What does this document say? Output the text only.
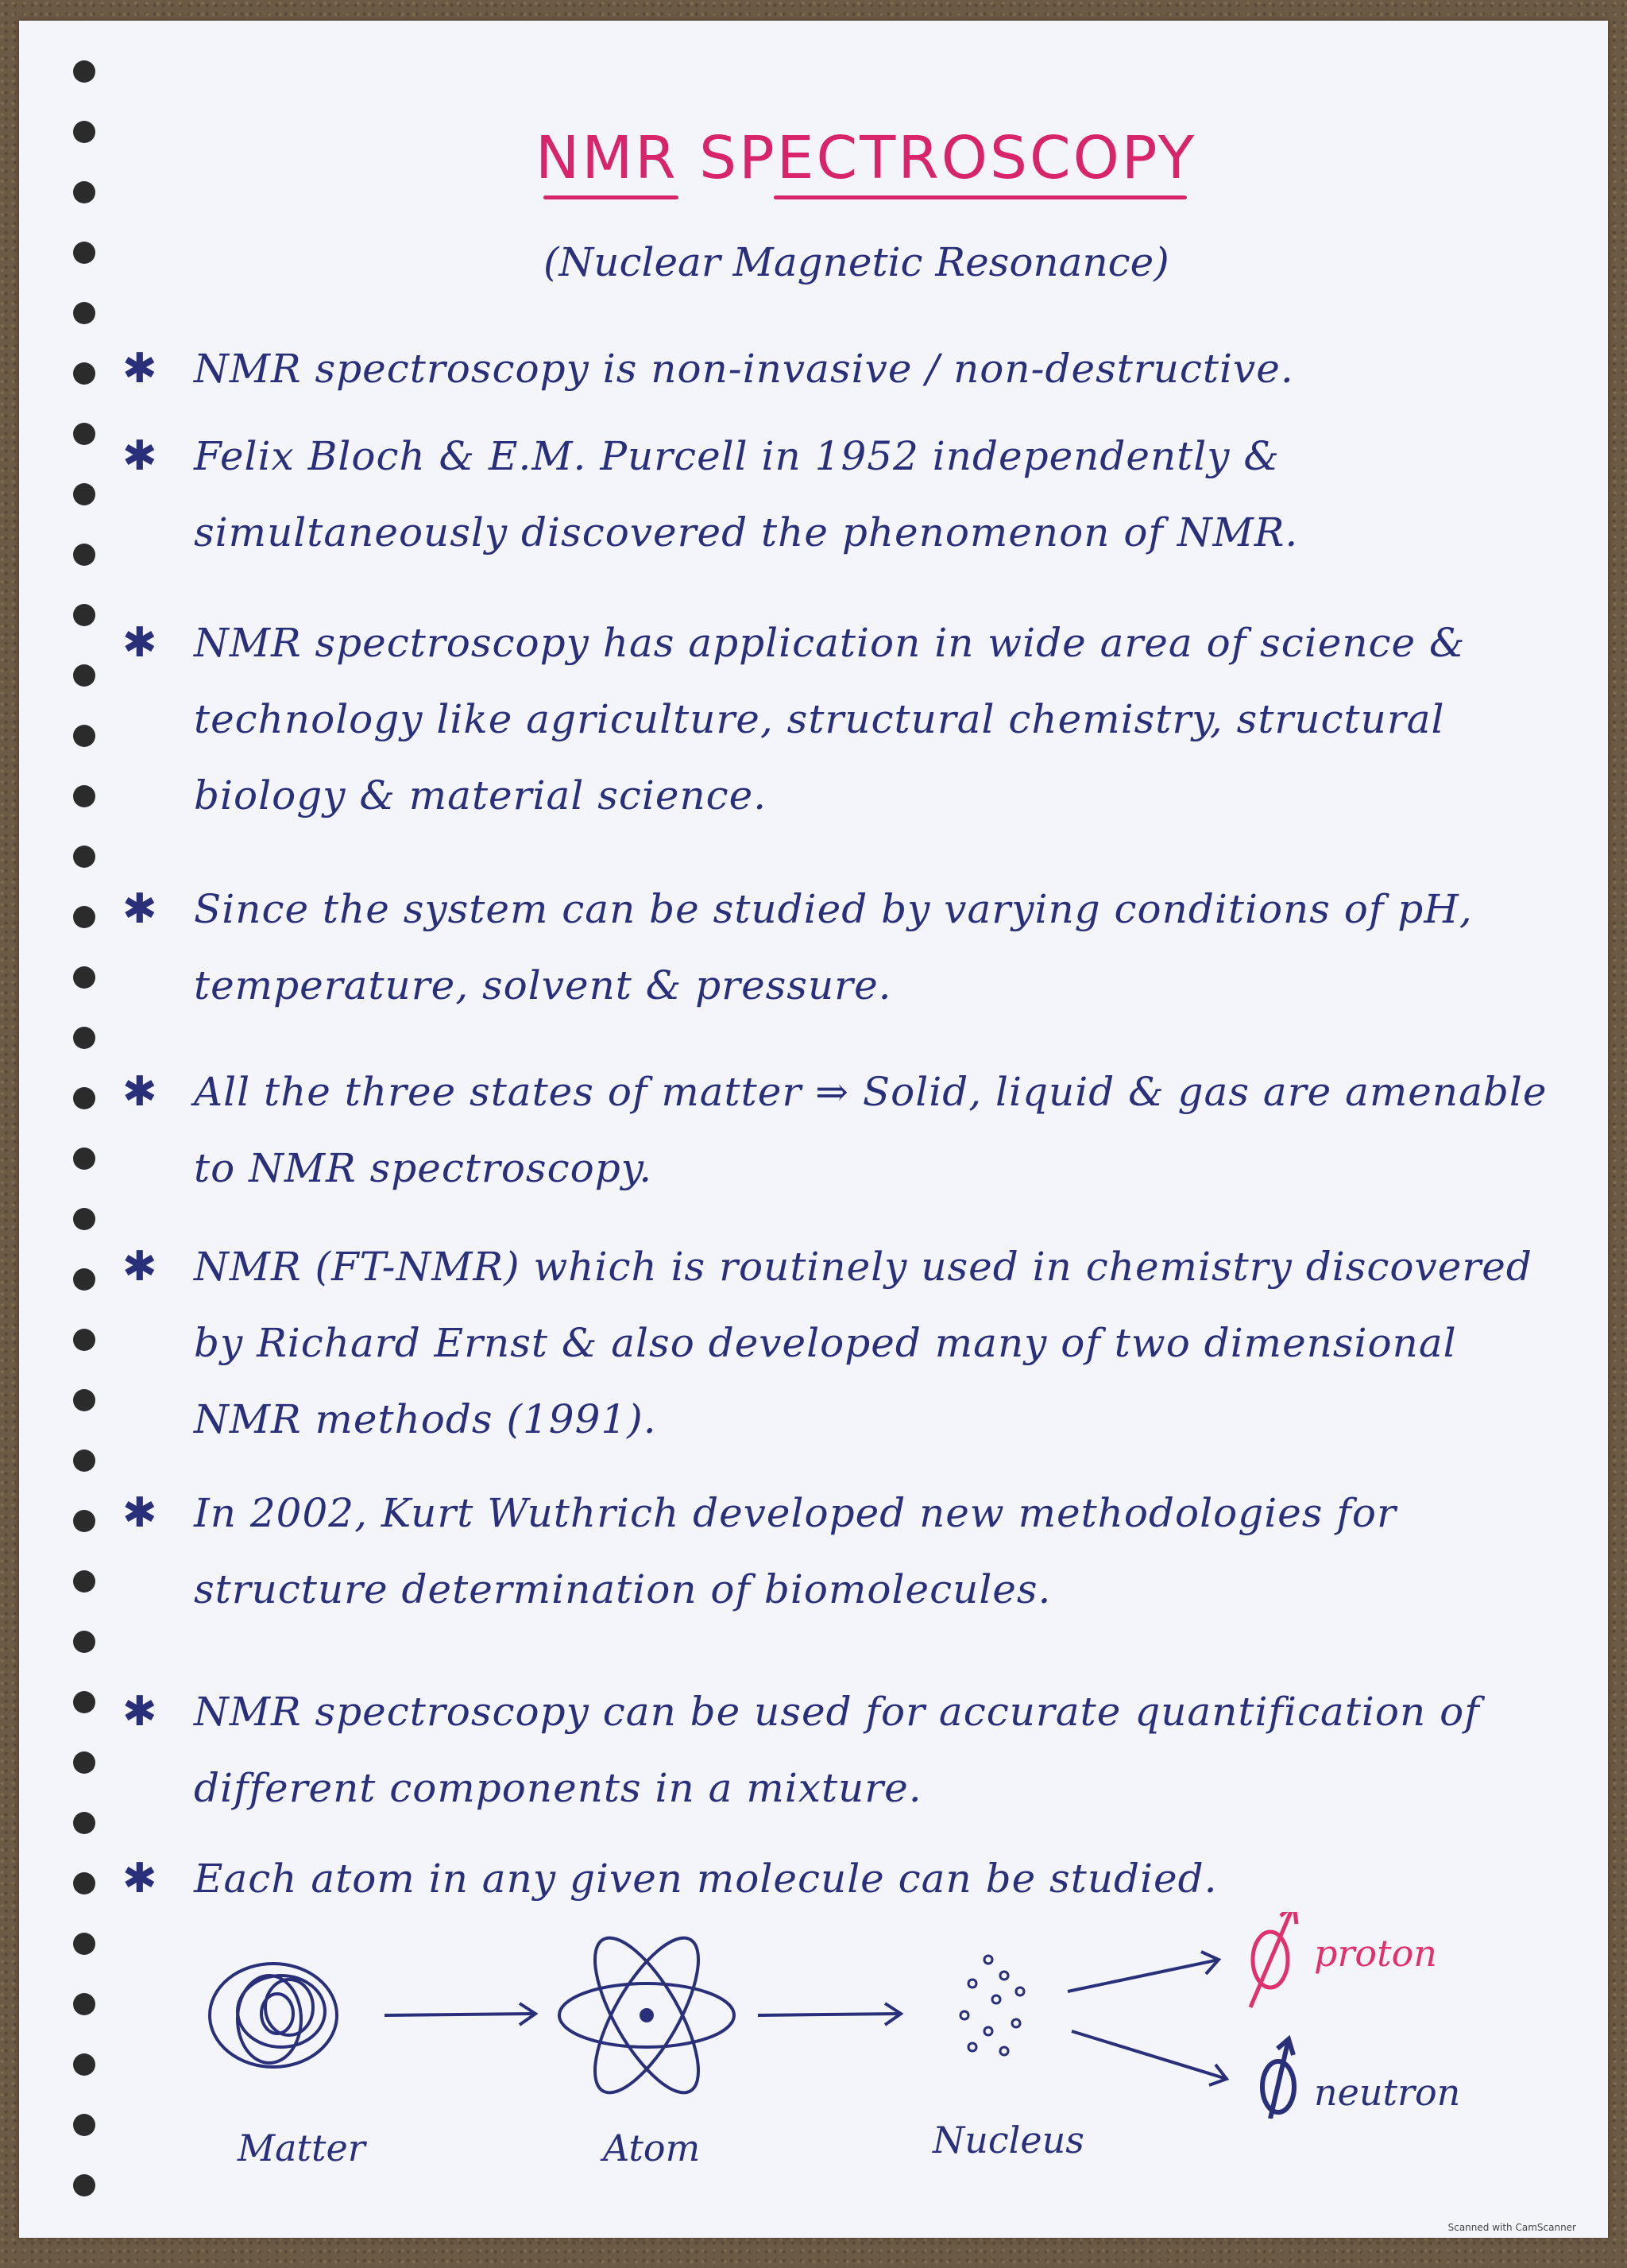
NMR SPECTROSCOPY
(Nuclear Magnetic Resonance)
✱ NMR spectroscopy is non-invasive / non-destructive.
✱ Felix Bloch & E.M. Purcell in 1952 independently & simultaneously discovered the phenomenon of NMR.
✱ NMR spectroscopy has application in wide area of science & technology like agriculture, structural chemistry, structural biology & material science.
✱ Since the system can be studied by varying conditions of pH, temperature, solvent & pressure.
✱ All the three states of matter ⇒ Solid, liquid & gas are amenable to NMR spectroscopy.
✱ NMR (FT-NMR) which is routinely used in chemistry discovered by Richard Ernst & also developed many of two dimensional NMR methods (1991).
✱ In 2002, Kurt Wuthrich developed new methodologies for structure determination of biomolecules.
✱ NMR spectroscopy can be used for accurate quantification of different components in a mixture.
✱ Each atom in any given molecule can be studied.
Matter	Atom	Nucleus
proton
neutron
Scanned with CamScanner
